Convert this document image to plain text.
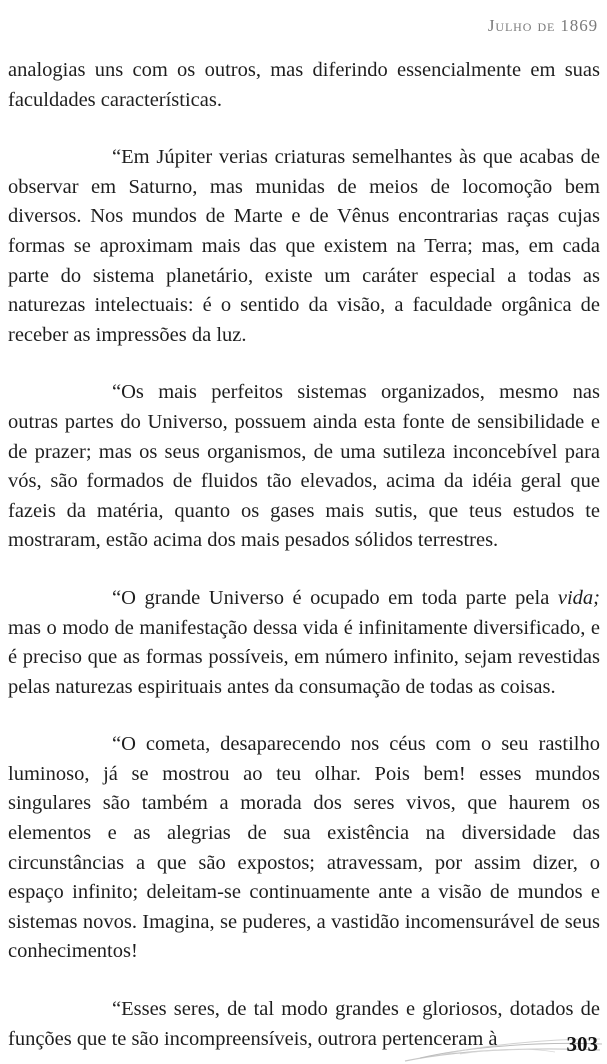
Julho de 1869

analogias uns com os outros, mas diferindo essencialmente em suas faculdades características.

“Em Júpiter verias criaturas semelhantes às que acabas de observar em Saturno, mas munidas de meios de locomoção bem diversos. Nos mundos de Marte e de Vênus encontrarias raças cujas formas se aproximam mais das que existem na Terra; mas, em cada parte do sistema planetário, existe um caráter especial a todas as naturezas intelectuais: é o sentido da visão, a faculdade orgânica de receber as impressões da luz.

“Os mais perfeitos sistemas organizados, mesmo nas outras partes do Universo, possuem ainda esta fonte de sensibilidade e de prazer; mas os seus organismos, de uma sutileza inconcebível para vós, são formados de fluidos tão elevados, acima da idéia geral que fazeis da matéria, quanto os gases mais sutis, que teus estudos te mostraram, estão acima dos mais pesados sólidos terrestres.

“O grande Universo é ocupado em toda parte pela vida; mas o modo de manifestação dessa vida é infinitamente diversificado, e é preciso que as formas possíveis, em número infinito, sejam revestidas pelas naturezas espirituais antes da consumação de todas as coisas.

“O cometa, desaparecendo nos céus com o seu rastilho luminoso, já se mostrou ao teu olhar. Pois bem! esses mundos singulares são também a morada dos seres vivos, que haurem os elementos e as alegrias de sua existência na diversidade das circunstâncias a que são expostos; atravessam, por assim dizer, o espaço infinito; deleitam-se continuamente ante a visão de mundos e sistemas novos. Imagina, se puderes, a vastidão incomensurável de seus conhecimentos!

“Esses seres, de tal modo grandes e gloriosos, dotados de funções que te são incompreensíveis, outrora pertenceram à	303
